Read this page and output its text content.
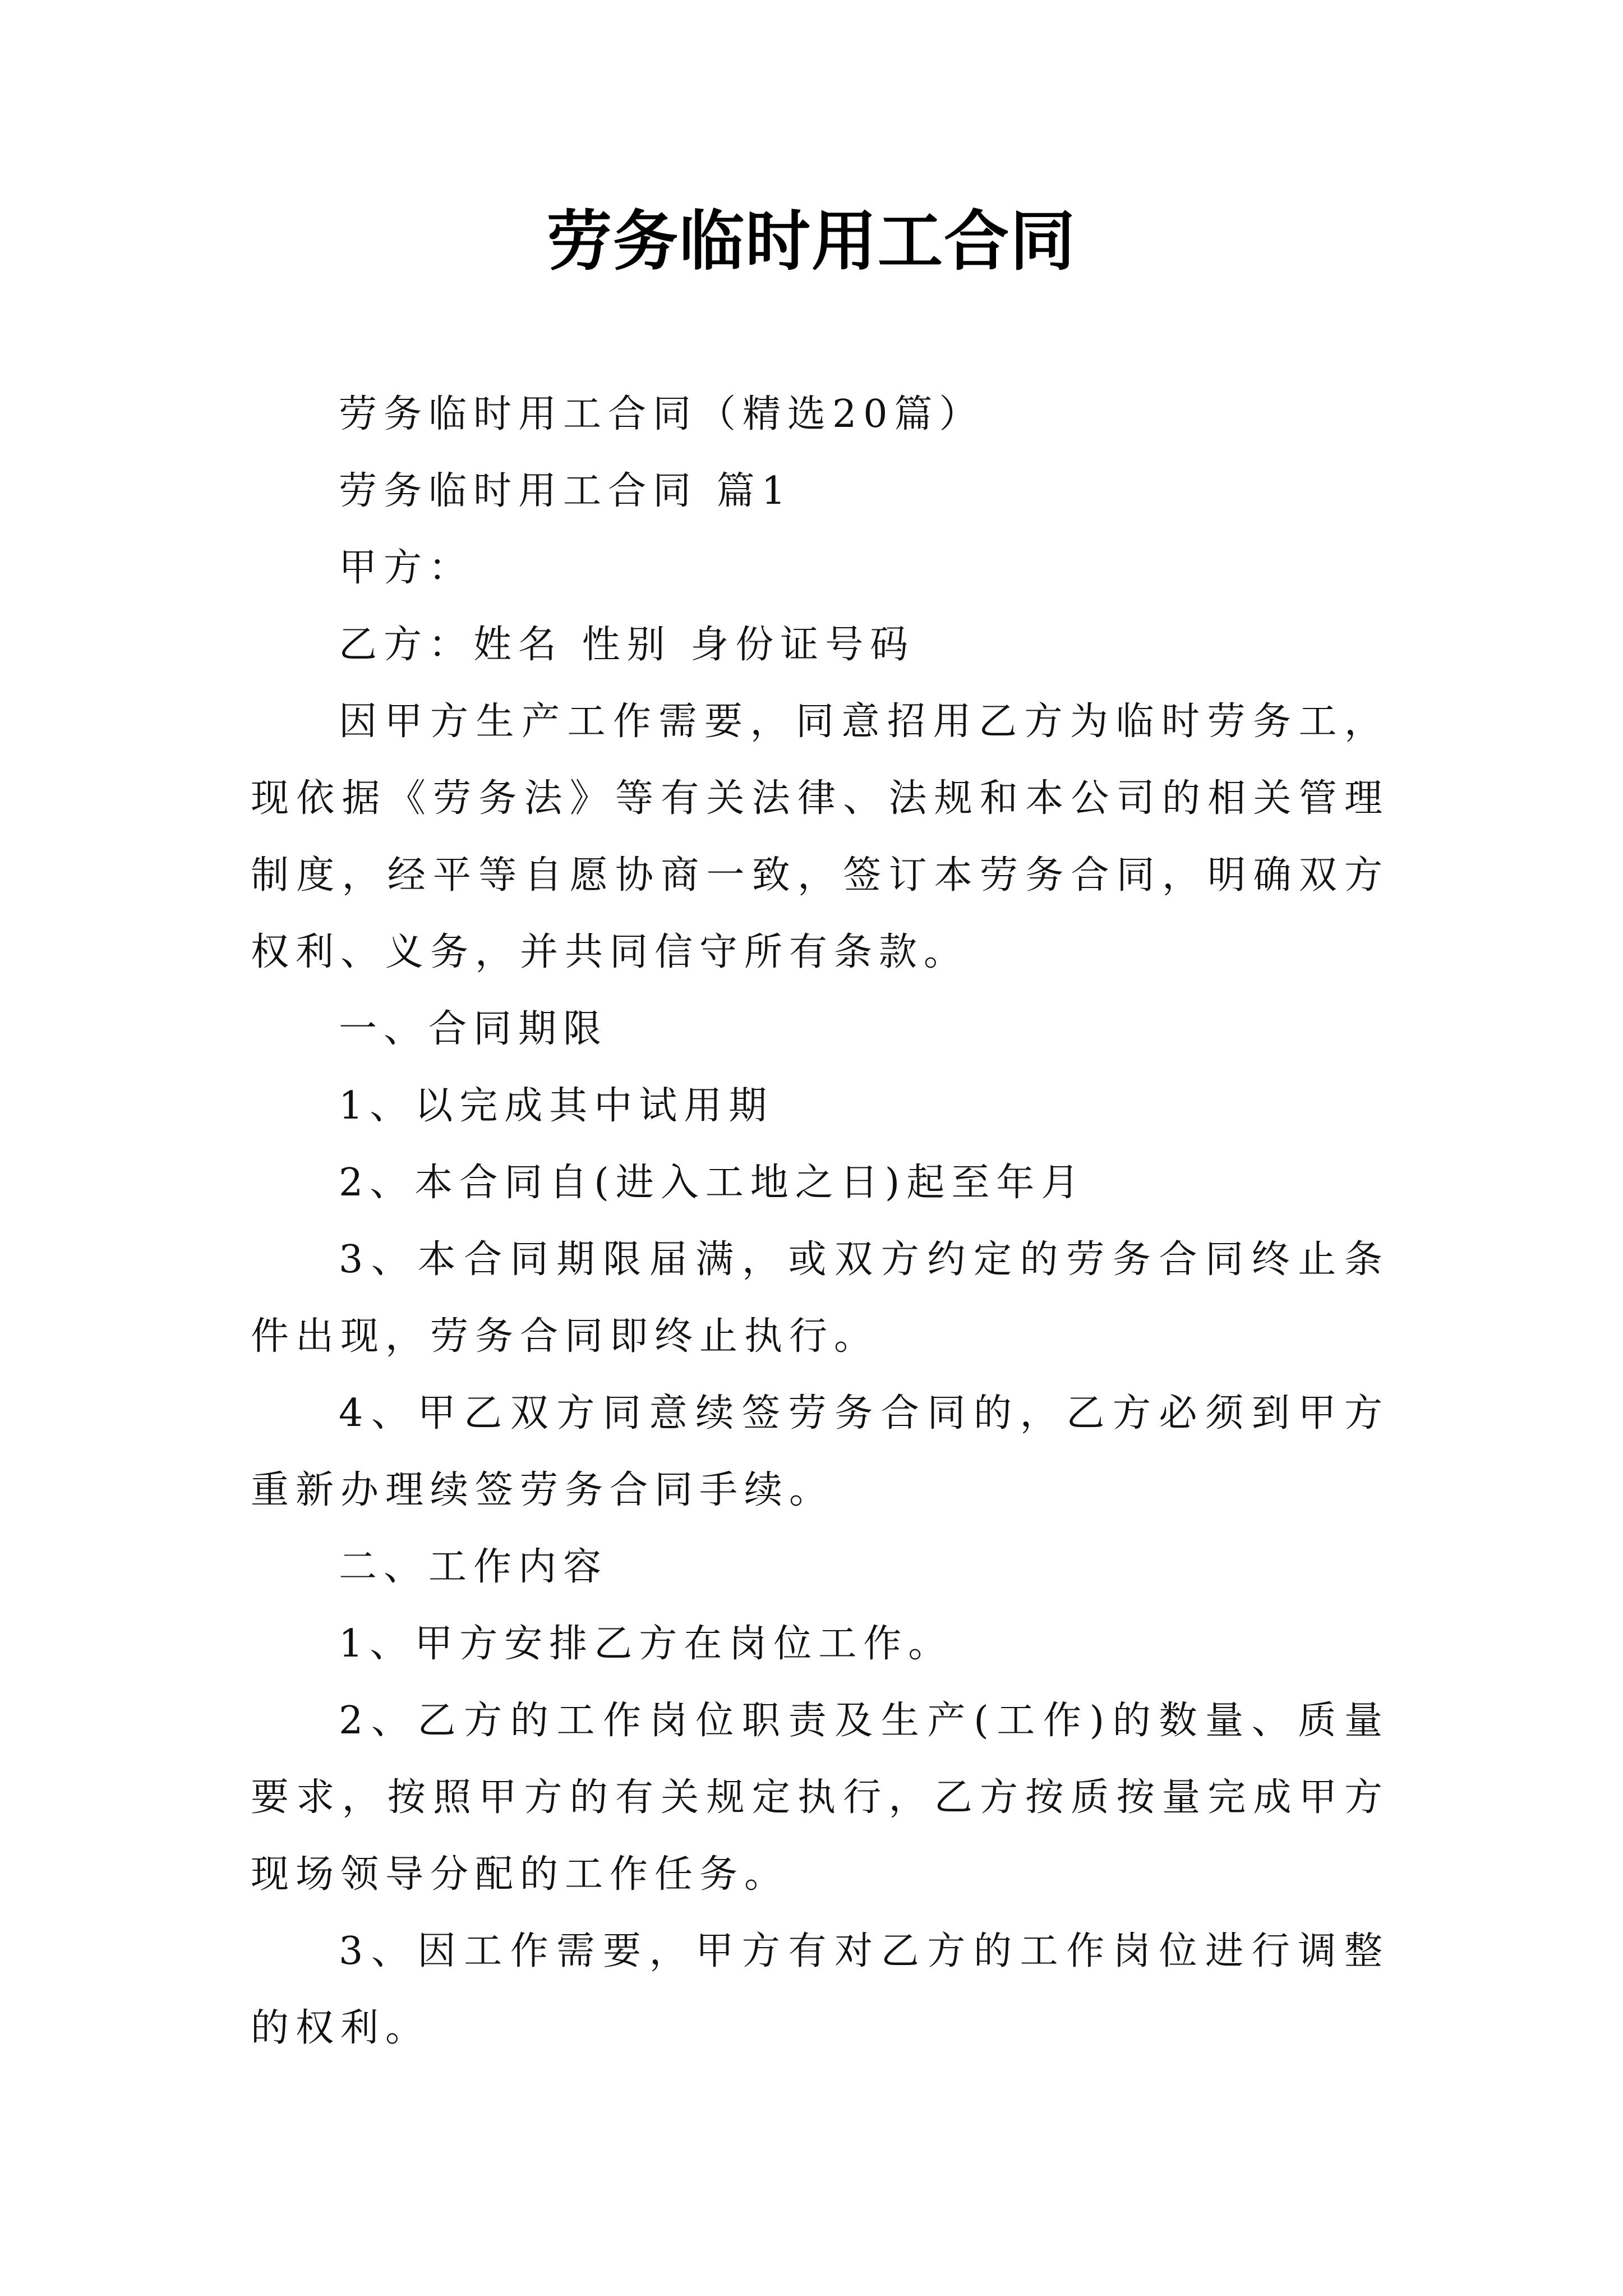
劳务临时用工合同
劳务临时用工合同（精选20篇）
劳务临时用工合同 篇1
甲方：
乙方：姓名 性别 身份证号码
因甲方生产工作需要，同意招用乙方为临时劳务工，现依据《劳务法》等有关法律、法规和本公司的相关管理制度，经平等自愿协商一致，签订本劳务合同，明确双方权利、义务，并共同信守所有条款。
一、合同期限
1、以完成其中试用期
2、本合同自(进入工地之日)起至年月
3、本合同期限届满，或双方约定的劳务合同终止条件出现，劳务合同即终止执行。
4、甲乙双方同意续签劳务合同的，乙方必须到甲方重新办理续签劳务合同手续。
二、工作内容
1、甲方安排乙方在岗位工作。
2、乙方的工作岗位职责及生产(工作)的数量、质量要求，按照甲方的有关规定执行，乙方按质按量完成甲方现场领导分配的工作任务。
3、因工作需要，甲方有对乙方的工作岗位进行调整的权利。
